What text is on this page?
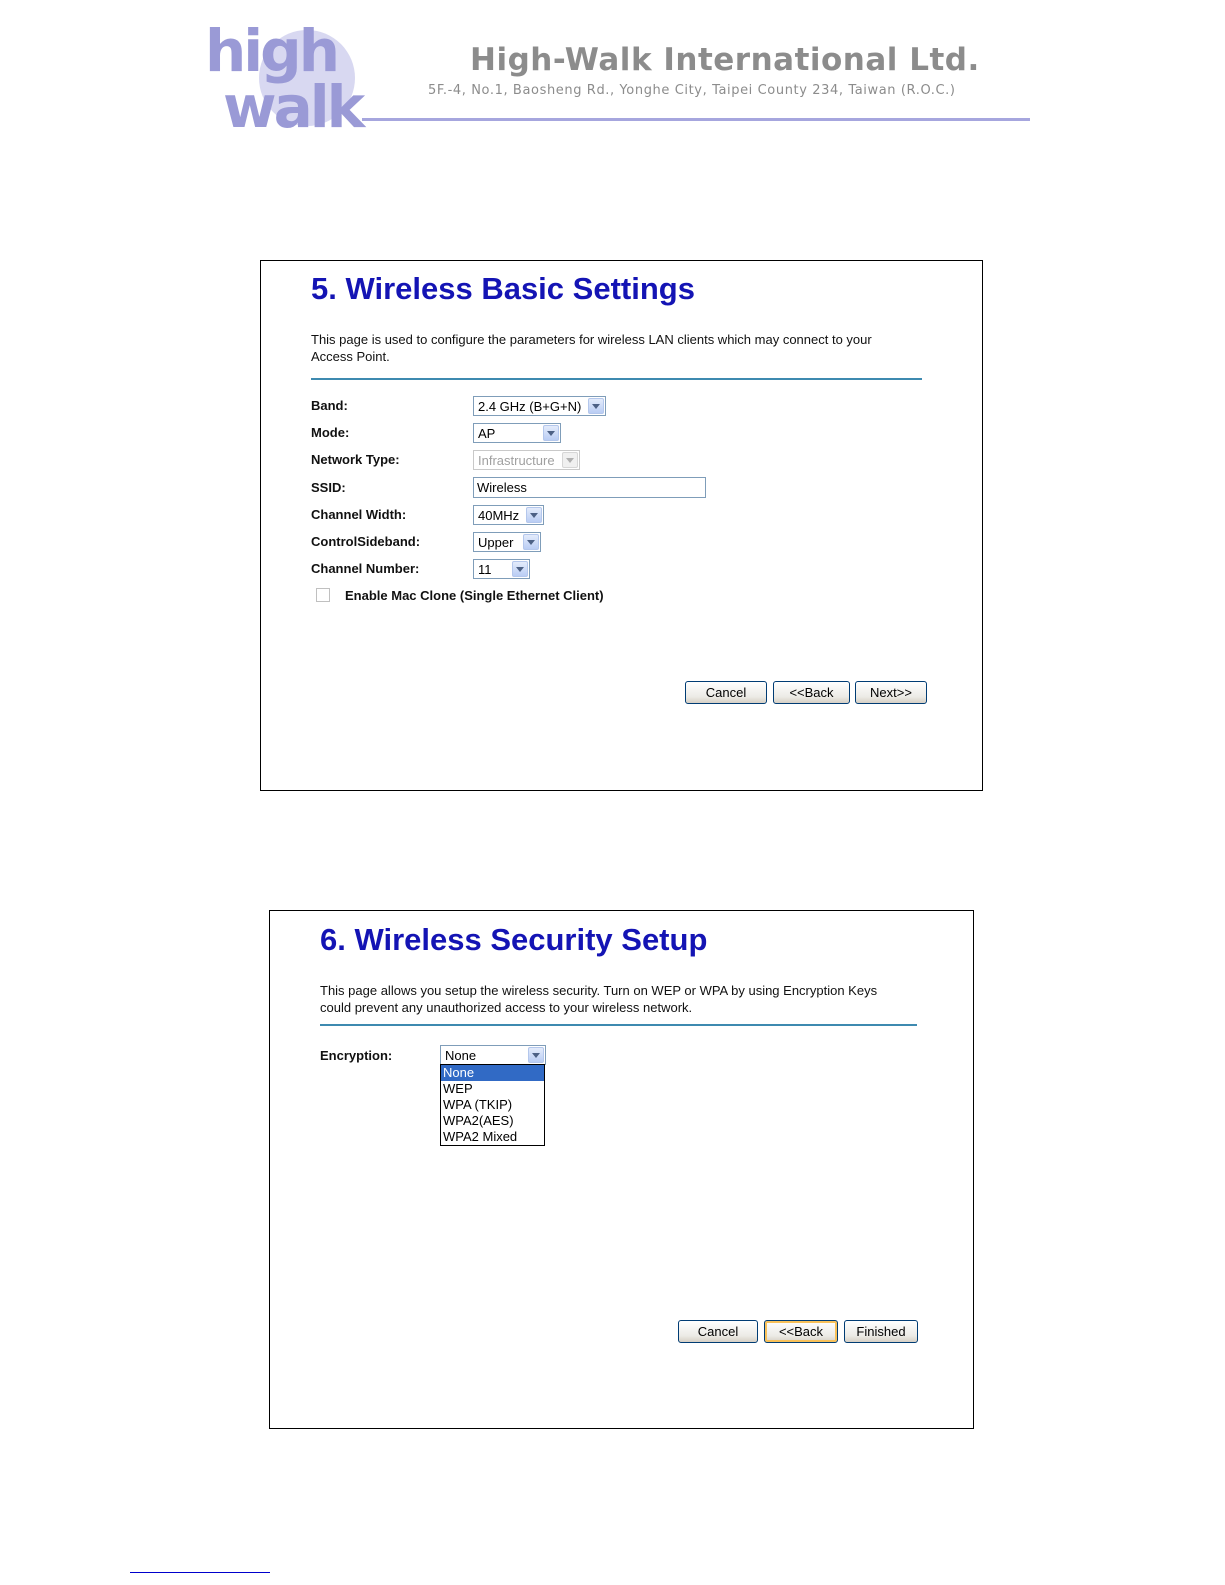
high
walk
High-Walk International Ltd.
5F.-4, No.1, Baosheng Rd., Yonghe City, Taipei County 234, Taiwan (R.O.C.)
5. Wireless Basic Settings
This page is used to configure the parameters for wireless LAN clients which may connect to your
Access Point.
Band:	2.4 GHz (B+G+N)
Mode:	AP
Network Type:	Infrastructure
SSID:	Wireless
Channel Width:	40MHz
ControlSideband:	Upper
Channel Number:	11
Enable Mac Clone (Single Ethernet Client)
Cancel	<<Back	Next>>
6. Wireless Security Setup
This page allows you setup the wireless security. Turn on WEP or WPA by using Encryption Keys
could prevent any unauthorized access to your wireless network.
Encryption:	None
Cancel	<<Back	Finished
None
WEP
WPA (TKIP)
WPA2(AES)
WPA2 Mixed
